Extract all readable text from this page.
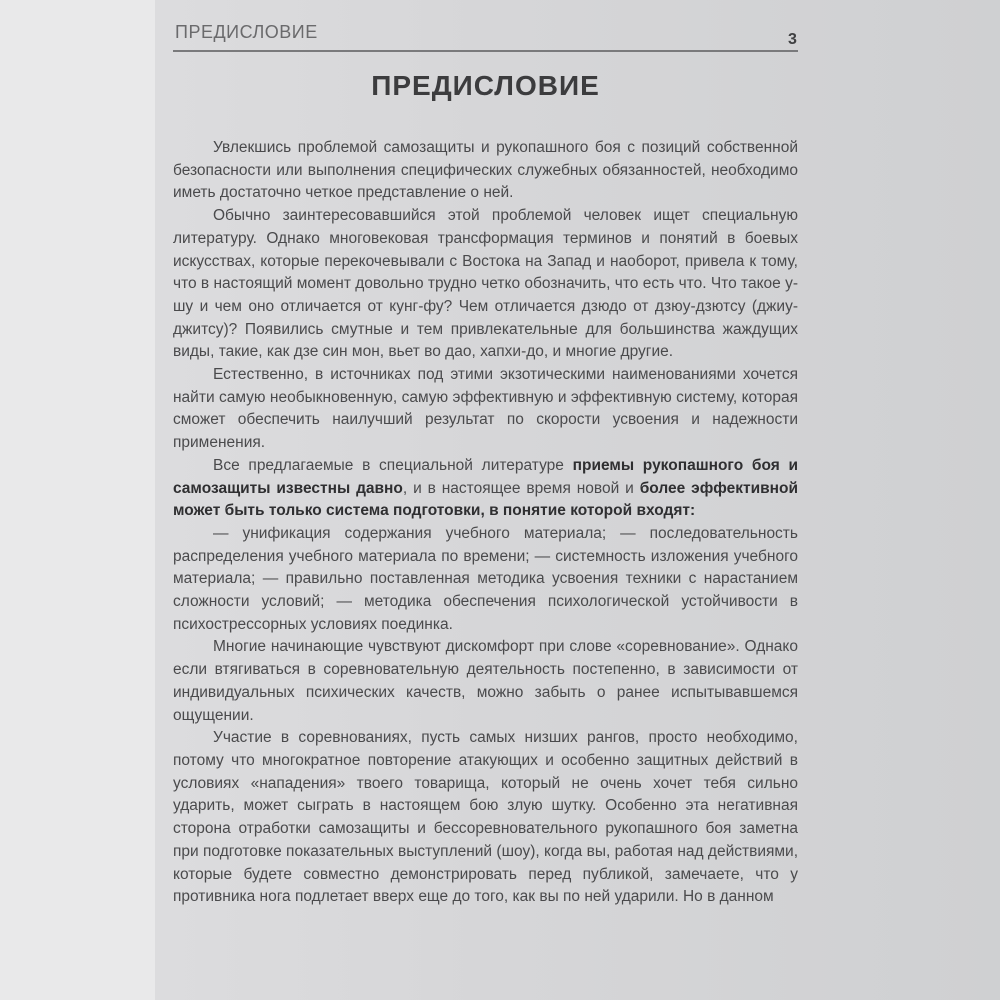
ПРЕДИСЛОВИЕ	3
ПРЕДИСЛОВИЕ

Увлекшись проблемой самозащиты и рукопашного боя с позиций собственной безопасности или выполнения специфических служебных обязанностей, необходимо иметь достаточно четкое представление о ней.

Обычно заинтересовавшийся этой проблемой человек ищет специальную литературу. Однако многовековая трансформация терминов и понятий в боевых искусствах, которые перекочевывали с Востока на Запад и наоборот, привела к тому, что в настоящий момент довольно трудно четко обозначить, что есть что. Что такое у-шу и чем оно отличается от кунг-фу? Чем отличается дзюдо от дзюу-дзютсу (джиу-джитсу)? Появились смутные и тем привлекательные для большинства жаждущих виды, такие, как дзе син мон, вьет во дао, хапхи-до, и многие другие.

Естественно, в источниках под этими экзотическими наименованиями хочется найти самую необыкновенную, самую эффективную и эффективную систему, которая сможет обеспечить наилучший результат по скорости усвоения и надежности применения.

Все предлагаемые в специальной литературе приемы рукопашного боя и самозащиты известны давно, и в настоящее время новой и более эффективной может быть только система подготовки, в понятие которой входят:

— унификация содержания учебного материала; — последовательность распределения учебного материала по времени; — системность изложения учебного материала; — правильно поставленная методика усвоения техники с нарастанием сложности условий; — методика обеспечения психологической устойчивости в психострессорных условиях поединка.

Многие начинающие чувствуют дискомфорт при слове «соревнование». Однако если втягиваться в соревновательную деятельность постепенно, в зависимости от индивидуальных психических качеств, можно забыть о ранее испытывавшемся ощущении.

Участие в соревнованиях, пусть самых низших рангов, просто необходимо, потому что многократное повторение атакующих и особенно защитных действий в условиях «нападения» твоего товарища, который не очень хочет тебя сильно ударить, может сыграть в настоящем бою злую шутку. Особенно эта негативная сторона отработки самозащиты и бессоревновательного рукопашного боя заметна при подготовке показательных выступлений (шоу), когда вы, работая над действиями, которые будете совместно демонстрировать перед публикой, замечаете, что у противника нога подлетает вверх еще до того, как вы по ней ударили. Но в данном
